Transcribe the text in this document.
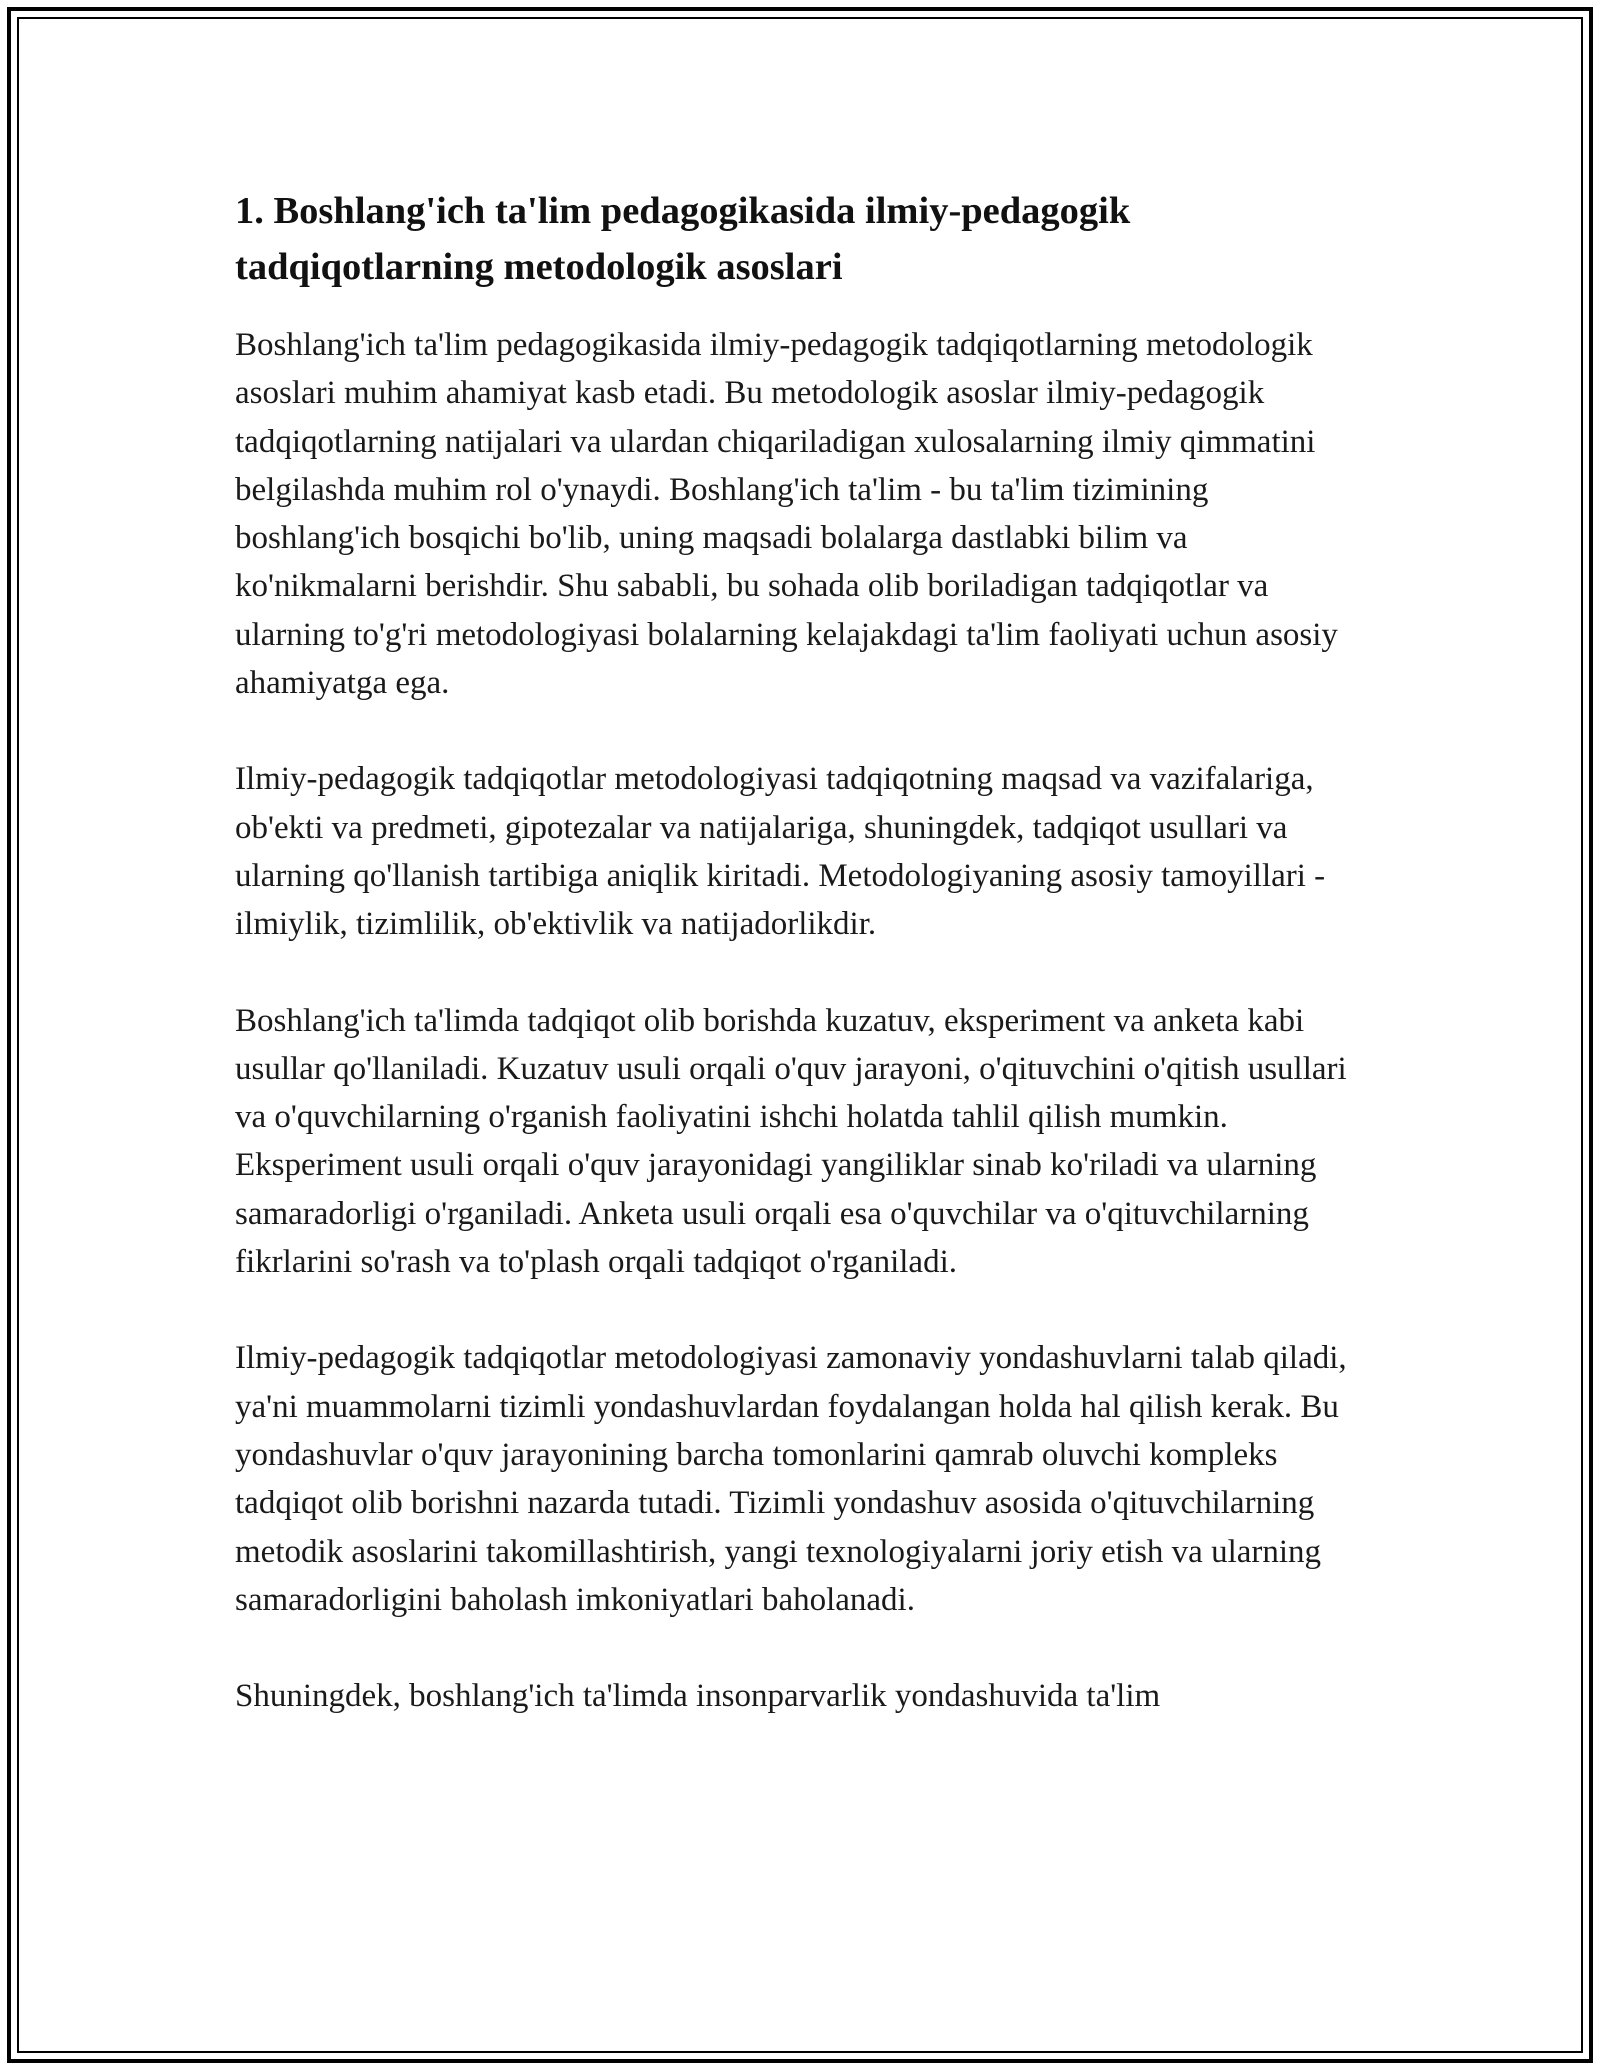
1. Boshlang'ich ta'lim pedagogikasida ilmiy-pedagogik tadqiqotlarning metodologik asoslari

Boshlang'ich ta'lim pedagogikasida ilmiy-pedagogik tadqiqotlarning metodologik asoslari muhim ahamiyat kasb etadi. Bu metodologik asoslar ilmiy-pedagogik tadqiqotlarning natijalari va ulardan chiqariladigan xulosalarning ilmiy qimmatini belgilashda muhim rol o'ynaydi. Boshlang'ich ta'lim - bu ta'lim tizimining boshlang'ich bosqichi bo'lib, uning maqsadi bolalarga dastlabki bilim va ko'nikmalarni berishdir. Shu sababli, bu sohada olib boriladigan tadqiqotlar va ularning to'g'ri metodologiyasi bolalarning kelajakdagi ta'lim faoliyati uchun asosiy ahamiyatga ega.

Ilmiy-pedagogik tadqiqotlar metodologiyasi tadqiqotning maqsad va vazifalariga, ob'ekti va predmeti, gipotezalar va natijalariga, shuningdek, tadqiqot usullari va ularning qo'llanish tartibiga aniqlik kiritadi. Metodologiyaning asosiy tamoyillari - ilmiylik, tizimlilik, ob'ektivlik va natijadorlikdir.

Boshlang'ich ta'limda tadqiqot olib borishda kuzatuv, eksperiment va anketa kabi usullar qo'llaniladi. Kuzatuv usuli orqali o'quv jarayoni, o'qituvchini o'qitish usullari va o'quvchilarning o'rganish faoliyatini ishchi holatda tahlil qilish mumkin. Eksperiment usuli orqali o'quv jarayonidagi yangiliklar sinab ko'riladi va ularning samaradorligi o'rganiladi. Anketa usuli orqali esa o'quvchilar va o'qituvchilarning fikrlarini so'rash va to'plash orqali tadqiqot o'rganiladi.

Ilmiy-pedagogik tadqiqotlar metodologiyasi zamonaviy yondashuvlarni talab qiladi, ya'ni muammolarni tizimli yondashuvlardan foydalangan holda hal qilish kerak. Bu yondashuvlar o'quv jarayonining barcha tomonlarini qamrab oluvchi kompleks tadqiqot olib borishni nazarda tutadi. Tizimli yondashuv asosida o'qituvchilarning metodik asoslarini takomillashtirish, yangi texnologiyalarni joriy etish va ularning samaradorligini baholash imkoniyatlari baholanadi.

Shuningdek, boshlang'ich ta'limda insonparvarlik yondashuvida ta'lim
